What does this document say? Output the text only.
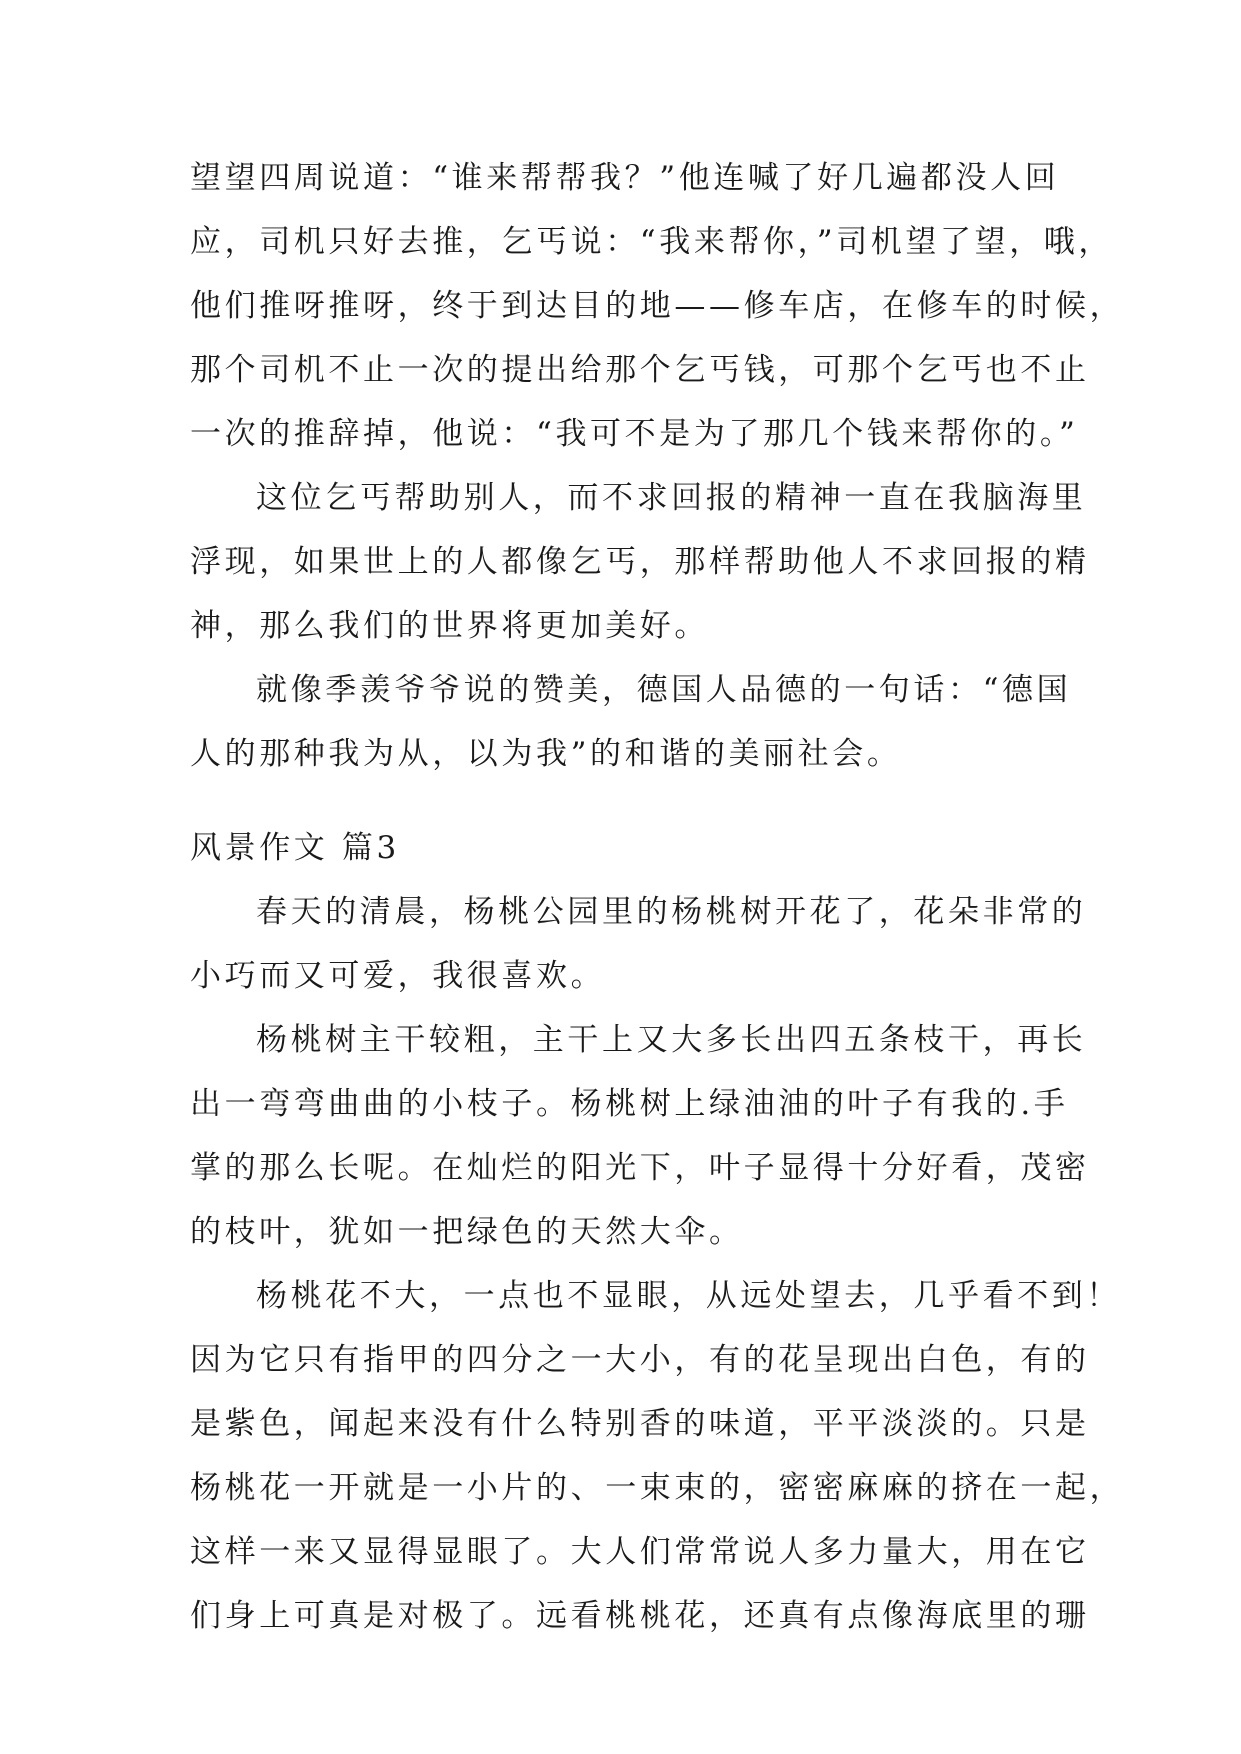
望望四周说道：“谁来帮帮我？”他连喊了好几遍都没人回
应，司机只好去推，乞丐说：“我来帮你，”司机望了望，哦，
他们推呀推呀，终于到达目的地——修车店，在修车的时候，
那个司机不止一次的提出给那个乞丐钱，可那个乞丐也不止
一次的推辞掉，他说：“我可不是为了那几个钱来帮你的。”
这位乞丐帮助别人，而不求回报的精神一直在我脑海里
浮现，如果世上的人都像乞丐，那样帮助他人不求回报的精
神，那么我们的世界将更加美好。
就像季羡爷爷说的赞美，德国人品德的一句话：“德国
人的那种我为从，以为我”的和谐的美丽社会。
风景作文 篇3
春天的清晨，杨桃公园里的杨桃树开花了，花朵非常的
小巧而又可爱，我很喜欢。
杨桃树主干较粗，主干上又大多长出四五条枝干，再长
出一弯弯曲曲的小枝子。杨桃树上绿油油的叶子有我的.手
掌的那么长呢。在灿烂的阳光下，叶子显得十分好看，茂密
的枝叶，犹如一把绿色的天然大伞。
杨桃花不大，一点也不显眼，从远处望去，几乎看不到！
因为它只有指甲的四分之一大小，有的花呈现出白色，有的
是紫色，闻起来没有什么特别香的味道，平平淡淡的。只是
杨桃花一开就是一小片的、一束束的，密密麻麻的挤在一起，
这样一来又显得显眼了。大人们常常说人多力量大，用在它
们身上可真是对极了。远看桃桃花，还真有点像海底里的珊
